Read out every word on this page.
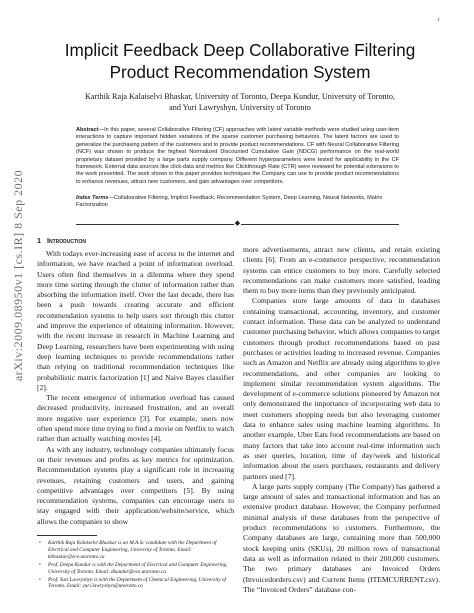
1
arXiv:2009.08950v1 [cs.IR] 8 Sep 2020
Implicit Feedback Deep Collaborative Filtering Product Recommendation System
Karthik Raja Kalaiselvi Bhaskar, University of Toronto, Deepa Kundur, University of Toronto,
and Yuri Lawryshyn, University of Toronto
Abstract—In this paper, several Collaborative Filtering (CF) approaches with latent variable methods were studied using user-item interactions to capture important hidden variations of the sparse customer purchasing behaviors. The latent factors are used to generalize the purchasing pattern of the customers and to provide product recommendations. CF with Neural Collaborative Filtering (NCF) was shown to produce the highest Normalized Discounted Cumulative Gain (NDCG) performance on the real-world proprietary dataset provided by a large parts supply company. Different hyperparameters were tested for applicability in the CF framework. External data sources like click-data and metrics like Clickthrough Rate (CTR) were reviewed for potential extensions to the work presented. The work shown in this paper provides techniques the Company can use to provide product recommendations to enhance revenues, attract new customers, and gain advantages over competitors.
Index Terms—Collaborative Filtering, Implicit Feedback, Recommendation System, Deep Learning, Neural Networks, Matrix Factorization
◆
1 Introduction

With todays ever-increasing ease of access to the internet and information, we have reached a point of information overload. Users often find themselves in a dilemma where they spend more time sorting through the clutter of information rather than absorbing the information itself. Over the last decade, there has been a push towards creating accurate and efficient recommendation systems to help users sort through this clutter and improve the experience of obtaining information. However, with the recent increase in research in Machine Learning and Deep Learning, researchers have been experimenting with using deep learning techniques to provide recommendations rather than relying on traditional recommendation techniques like probabilistic matrix factorization [1] and Naive Bayes classifier [2].

The recent emergence of information overload has caused decreased productivity, increased frustration, and an overall more negative user experience [3]. For example, users now often spend more time trying to find a movie on Netflix to watch rather than actually watching movies [4].

As with any industry, technology companies ultimately focus on their revenues and profits as key metrics for optimization. Recommendation systems play a significant role in increasing revenues, retaining customers and users, and gaining competitive advantages over competitors [5]. By using recommendation systems, companies can encourage users to stay engaged with their application/website/service, which allows the companies to show

more advertisements, attract new clients, and retain existing clients [6]. From an e-commerce perspective, recommendation systems can entice customers to buy more. Carefully selected recommendations can make customers more satisfied, leading them to buy more items than they previously anticipated.

Companies store large amounts of data in databases containing transactional, accounting, inventory, and customer contact information. These data can be analyzed to understand customer purchasing behavior, which allows companies to target customers through product recommendations based on past purchases or activities leading to increased revenue. Companies such as Amazon and Netflix are already using algorithms to give recommendations, and other companies are looking to implement similar recommendation system algorithms. The development of e-commerce solutions pioneered by Amazon not only demonstrated the importance of incorporating web data to meet customers shopping needs but also leveraging customer data to enhance sales using machine learning algorithms. In another example, Uber Eats food recommendations are based on many factors that take into account real-time information such as user queries, location, time of day/week and historical information about the users purchases, restaurants and delivery partners used [7].

A large parts supply company (The Company) has gathered a large amount of sales and transactional information and has an extensive product database. However, the Company performed minimal analysis of these databases from the perspective of product recommendations to customers. Furthermore, the Company databases are large, containing more than 500,000 stock keeping units (SKUs), 20 million rows of transactional data as well as information related to their 200,000 customers. The two primary databases are Invoiced Orders (Invoicedorders.csv) and Current Items (ITEMCURRENT.csv). The “Invoiced Orders” database con-

•	Karthik Raja Kalaiselvi Bhaskar is an M.A.Sc candidate with the Department of Electrical and Computer Engineering, University of Toronto. Email: kbhaskar@ece.utoronto.ca
•	Prof. Deepa Kundur is with the Department of Electrical and Computer Engineering, University of Toronto. Email: dkundur@ece.utoronto.ca
•	Prof. Yuri Lawryshyn is with the Department of Chemical Engineering, University of Toronto. Email: yuri.lawryshyn@utoronto.ca
